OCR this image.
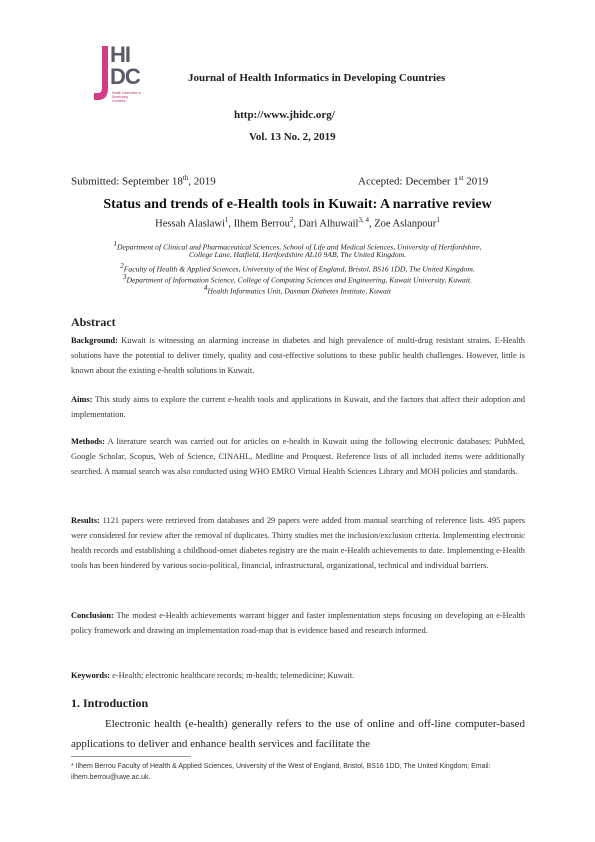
HI
DC
Health Informatics in Developing Countries
Journal of Health Informatics in Developing Countries
http://www.jhidc.org/
Vol. 13 No. 2, 2019
Submitted: September 18th, 2019	Accepted: December 1st 2019
Status and trends of e-Health tools in Kuwait: A narrative review
Hessah Alaslawi$^1$, Ilhem Berrou$^2$, Dari Alhuwail$^{3, 4}$, Zoe Aslanpour$^1$
$^1$Department of Clinical and Pharmaceutical Sciences, School of Life and Medical Sciences, University of Hertfordshire,
College Lane, Hatfield, Hertfordshire AL10 9AB, The United Kingdom.
$^2$Faculty of Health & Applied Sciences, University of the West of England, Bristol, BS16 1DD, The United Kingdom.
$^3$Department of Information Science, College of Computing Sciences and Engineering, Kuwait University, Kuwait.
$^4$Health Informatics Unit, Dasman Diabetes Institute, Kuwait
Abstract
Background: Kuwait is witnessing an alarming increase in diabetes and high prevalence of multi-drug resistant strains. E-Health solutions have the potential to deliver timely, quality and cost-effective solutions to these public health challenges. However, little is known about the existing e-health solutions in Kuwait.
Aims: This study aims to explore the current e-health tools and applications in Kuwait, and the factors that affect their adoption and implementation.
Methods: A literature search was carried out for articles on e-health in Kuwait using the following electronic databases: PubMed, Google Scholar, Scopus, Web of Science, CINAHL, Medline and Proquest. Reference lists of all included items were additionally searched. A manual search was also conducted using WHO EMRO Virtual Health Sciences Library and MOH policies and standards.
Results: 1121 papers were retrieved from databases and 29 papers were added from manual searching of reference lists. 495 papers were considered for review after the removal of duplicates. Thirty studies met the inclusion/exclusion criteria. Implementing electronic health records and establishing a childhood-onset diabetes registry are the main e-Health achievements to date. Implementing e-Health tools has been hindered by various socio-political, financial, infrastructural, organizational, technical and individual barriers.
Conclusion: The modest e-Health achievements warrant bigger and faster implementation steps focusing on developing an e-Health policy framework and drawing an implementation road-map that is evidence based and research informed.
Keywords: e-Health; electronic healthcare records; m-health; telemedicine; Kuwait.
1. Introduction
Electronic health (e-health) generally refers to the use of online and off-line computer-based applications to deliver and enhance health services and facilitate the
* Ilhem Berrou Faculty of Health & Applied Sciences, University of the West of England, Bristol, BS16 1DD, The United Kingdom; Email: ilhem.berrou@uwe.ac.uk.
